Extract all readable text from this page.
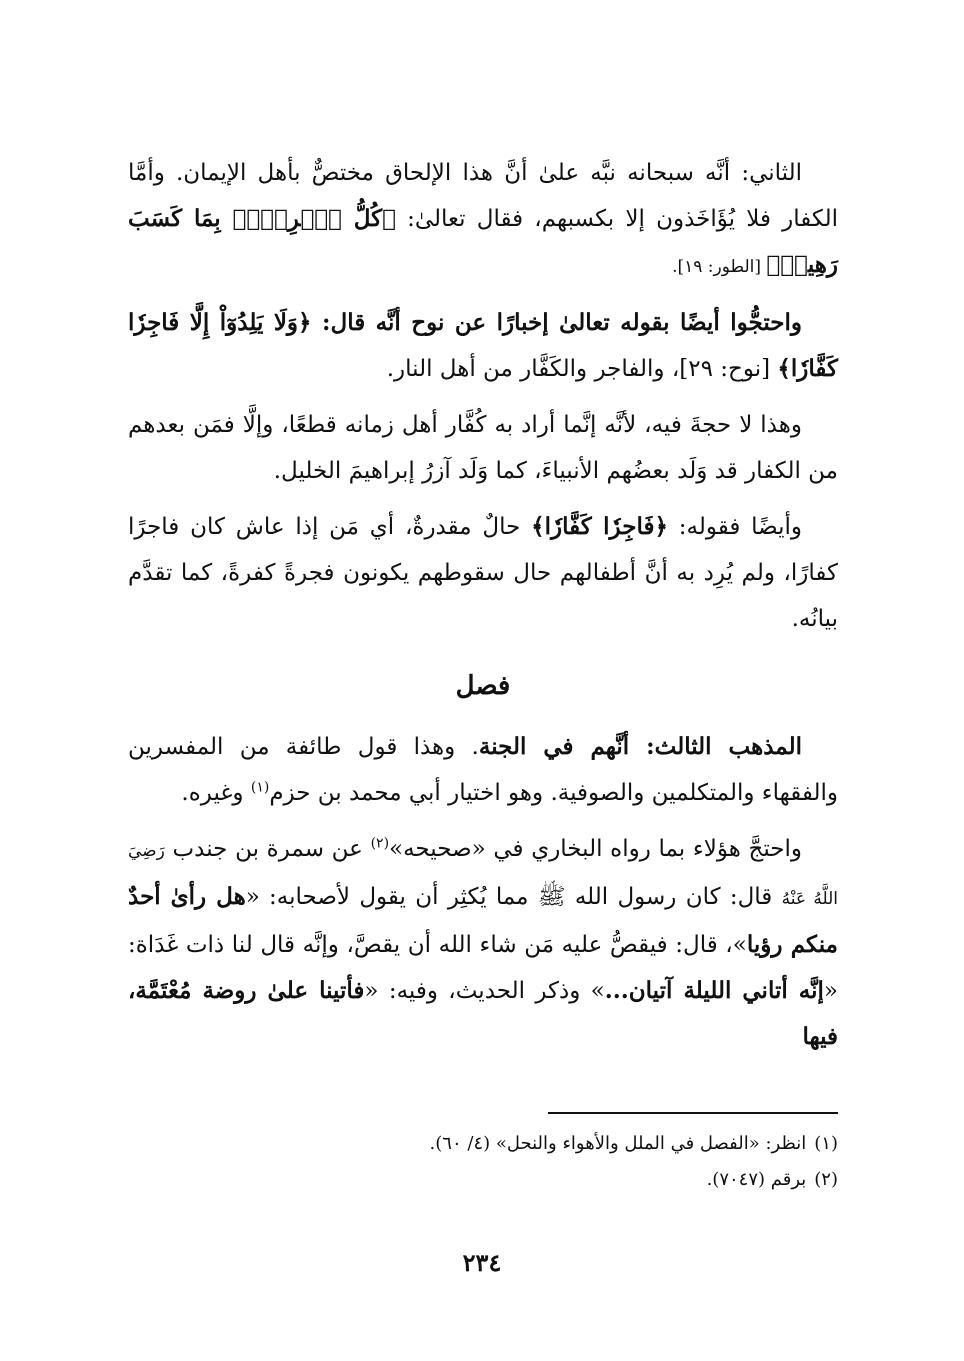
الثاني: أنَّه سبحانه نبَّه علىٰ أنَّ هذا الإلحاق مختصٌّ بأهل الإيمان. وأمَّا الكفار فلا يُؤَاخَذون إلا بكسبهم، فقال تعالىٰ: ﴿كُلُّ ٱمۡرِيِٕۭ بِمَا كَسَبَ رَهِينٞ﴾ [الطور: ١٩].

واحتجُّوا أيضًا بقوله تعالىٰ إخبارًا عن نوح أنَّه قال: ﴿وَلَا يَلِدُوٓاْ إِلَّا فَاجِرٗا كَفَّارٗا﴾ [نوح: ٢٩]، والفاجر والكَفَّار من أهل النار.

وهذا لا حجةَ فيه، لأنَّه إنَّما أراد به كُفَّار أهل زمانه قطعًا، وإلَّا فمَن بعدهم من الكفار قد وَلَد بعضُهم الأنبياءَ، كما وَلَد آزرُ إبراهيمَ الخليل.

وأيضًا فقوله: ﴿فَاجِرٗا كَفَّارٗا﴾ حالٌ مقدرةٌ، أي مَن إذا عاش كان فاجرًا كفارًا، ولم يُرِد به أنَّ أطفالهم حال سقوطهم يكونون فجرةً كفرةً، كما تقدَّم بيانُه.

فصل

المذهب الثالث: أنَّهم في الجنة. وهذا قول طائفة من المفسرين والفقهاء والمتكلمين والصوفية. وهو اختيار أبي محمد بن حزم$^{(١)}$ وغيره.

واحتجَّ هؤلاء بما رواه البخاري في «صحيحه»$^{(٢)}$ عن سمرة بن جندب رَضِيَ اللَّهُ عَنْهُ قال: كان رسول الله ﷺ مما يُكثِر أن يقول لأصحابه: «هل رأىٰ أحدٌ منكم رؤيا»، قال: فيقصُّ عليه مَن شاء الله أن يقصَّ، وإنَّه قال لنا ذات غَدَاة: «إنَّه أتاني الليلة آتيان...» وذكر الحديث، وفيه: «فأتينا علىٰ روضة مُعْتَمَّة، فيها

(١)انظر: «الفصل في الملل والأهواء والنحل» (٤/ ٦٠).
(٢)برقم (٧٠٤٧).
٢٣٤
